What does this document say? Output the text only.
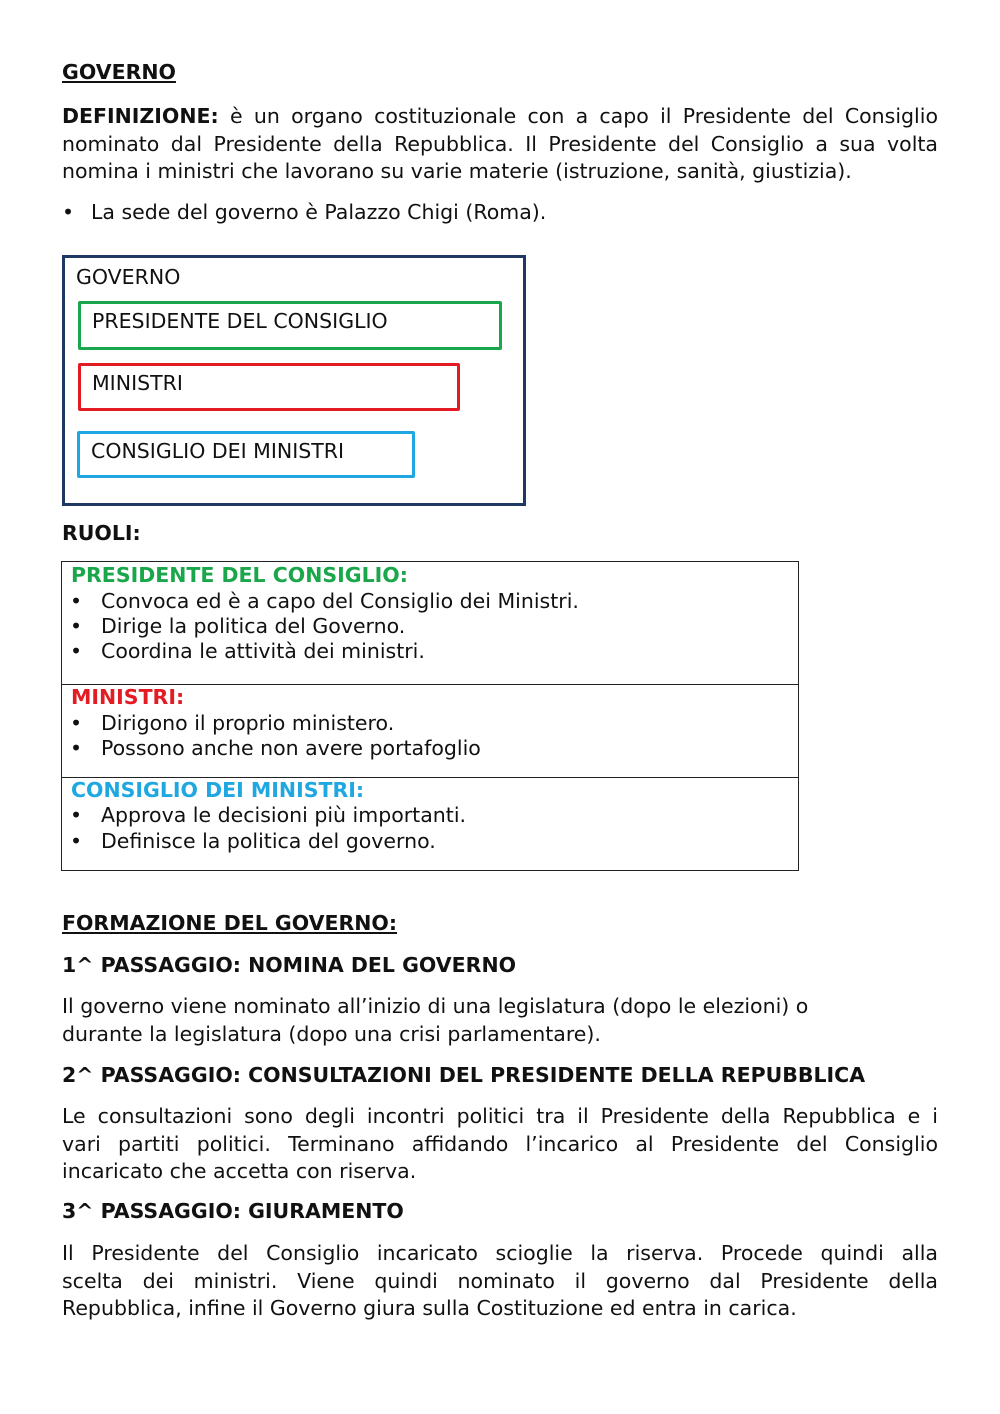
GOVERNO
DEFINIZIONE: è un organo costituzionale con a capo il Presidente del Consiglio
nominato dal Presidente della Repubblica. Il Presidente del Consiglio a sua volta
nomina i ministri che lavorano su varie materie (istruzione, sanità, giustizia).
• La sede del governo è Palazzo Chigi (Roma).
GOVERNO
PRESIDENTE DEL CONSIGLIO
MINISTRI
CONSIGLIO DEI MINISTRI
RUOLI:
PRESIDENTE DEL CONSIGLIO:
• Convoca ed è a capo del Consiglio dei Ministri.
• Dirige la politica del Governo.
• Coordina le attività dei ministri.
MINISTRI:
• Dirigono il proprio ministero.
• Possono anche non avere portafoglio
CONSIGLIO DEI MINISTRI:
• Approva le decisioni più importanti.
• Definisce la politica del governo.
FORMAZIONE DEL GOVERNO:
1^ PASSAGGIO: NOMINA DEL GOVERNO
Il governo viene nominato all’inizio di una legislatura (dopo le elezioni) o
durante la legislatura (dopo una crisi parlamentare).
2^ PASSAGGIO: CONSULTAZIONI DEL PRESIDENTE DELLA REPUBBLICA
Le consultazioni sono degli incontri politici tra il Presidente della Repubblica e i
vari partiti politici. Terminano affidando l’incarico al Presidente del Consiglio
incaricato che accetta con riserva.
3^ PASSAGGIO: GIURAMENTO
Il Presidente del Consiglio incaricato scioglie la riserva. Procede quindi alla
scelta dei ministri. Viene quindi nominato il governo dal Presidente della
Repubblica, infine il Governo giura sulla Costituzione ed entra in carica.
